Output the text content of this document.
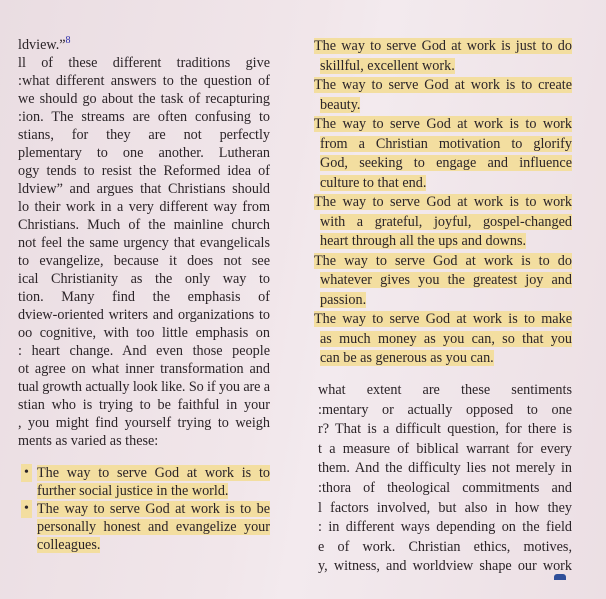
ldview.”$^8$
ll of these different traditions give
:what different answers to the question of
we should go about the task of recapturing
:ion. The streams are often confusing to
stians, for they are not perfectly
plementary to one another. Lutheran
ogy tends to resist the Reformed idea of
ldview” and argues that Christians should
lo their work in a very different way from
Christians. Much of the mainline church
not feel the same urgency that evangelicals
to evangelize, because it does not see
ical Christianity as the only way to
tion. Many find the emphasis of
dview-oriented writers and organizations to
oo cognitive, with too little emphasis on
: heart change. And even those people
ot agree on what inner transformation and
tual growth actually look like. So if you are a
stian who is trying to be faithful in your
, you might find yourself trying to weigh
ments as varied as these:
• The way to serve God at work is to
further social justice in the world.
• The way to serve God at work is to be
personally honest and evangelize your
colleagues.
The way to serve God at work is just to do
skillful, excellent work.
The way to serve God at work is to create
beauty.
The way to serve God at work is to work
from a Christian motivation to glorify
God, seeking to engage and influence
culture to that end.
The way to serve God at work is to work
with a grateful, joyful, gospel-changed
heart through all the ups and downs.
The way to serve God at work is to do
whatever gives you the greatest joy and
passion.
The way to serve God at work is to make
as much money as you can, so that you
can be as generous as you can.
what extent are these sentiments
:mentary or actually opposed to one
r? That is a difficult question, for there is
t a measure of biblical warrant for every
them. And the difficulty lies not merely in
:thora of theological commitments and
l factors involved, but also in how they
: in different ways depending on the field
e of work. Christian ethics, motives,
y, witness, and worldview shape our work
